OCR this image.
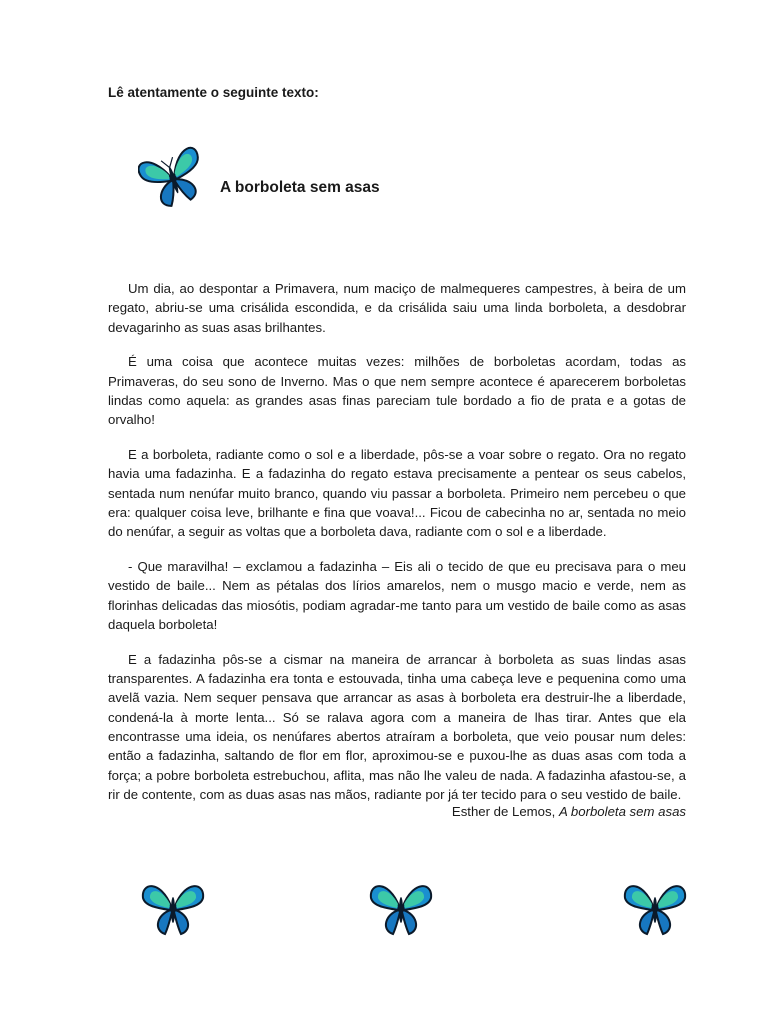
Lê atentamente o seguinte texto:
A borboleta sem asas

Um dia, ao despontar a Primavera, num maciço de malmequeres campestres, à beira de um regato, abriu-se uma crisálida escondida, e da crisálida saiu uma linda borboleta, a desdobrar devagarinho as suas asas brilhantes.

É uma coisa que acontece muitas vezes: milhões de borboletas acordam, todas as Primaveras, do seu sono de Inverno. Mas o que nem sempre acontece é aparecerem borboletas lindas como aquela: as grandes asas finas pareciam tule bordado a fio de prata e a gotas de orvalho!

E a borboleta, radiante como o sol e a liberdade, pôs-se a voar sobre o regato. Ora no regato havia uma fadazinha. E a fadazinha do regato estava precisamente a pentear os seus cabelos, sentada num nenúfar muito branco, quando viu passar a borboleta. Primeiro nem percebeu o que era: qualquer coisa leve, brilhante e fina que voava!... Ficou de cabecinha no ar, sentada no meio do nenúfar, a seguir as voltas que a borboleta dava, radiante com o sol e a liberdade.

- Que maravilha! – exclamou a fadazinha – Eis ali o tecido de que eu precisava para o meu vestido de baile... Nem as pétalas dos lírios amarelos, nem o musgo macio e verde, nem as florinhas delicadas das miosótis, podiam agradar-me tanto para um vestido de baile como as asas daquela borboleta!

E a fadazinha pôs-se a cismar na maneira de arrancar à borboleta as suas lindas asas transparentes. A fadazinha era tonta e estouvada, tinha uma cabeça leve e pequenina como uma avelã vazia. Nem sequer pensava que arrancar as asas à borboleta era destruir-lhe a liberdade, condená-la à morte lenta... Só se ralava agora com a maneira de lhas tirar. Antes que ela encontrasse uma ideia, os nenúfares abertos atraíram a borboleta, que veio pousar num deles: então a fadazinha, saltando de flor em flor, aproximou-se e puxou-lhe as duas asas com toda a força; a pobre borboleta estrebuchou, aflita, mas não lhe valeu de nada. A fadazinha afastou-se, a rir de contente, com as duas asas nas mãos, radiante por já ter tecido para o seu vestido de baile.

Esther de Lemos, A borboleta sem asas
